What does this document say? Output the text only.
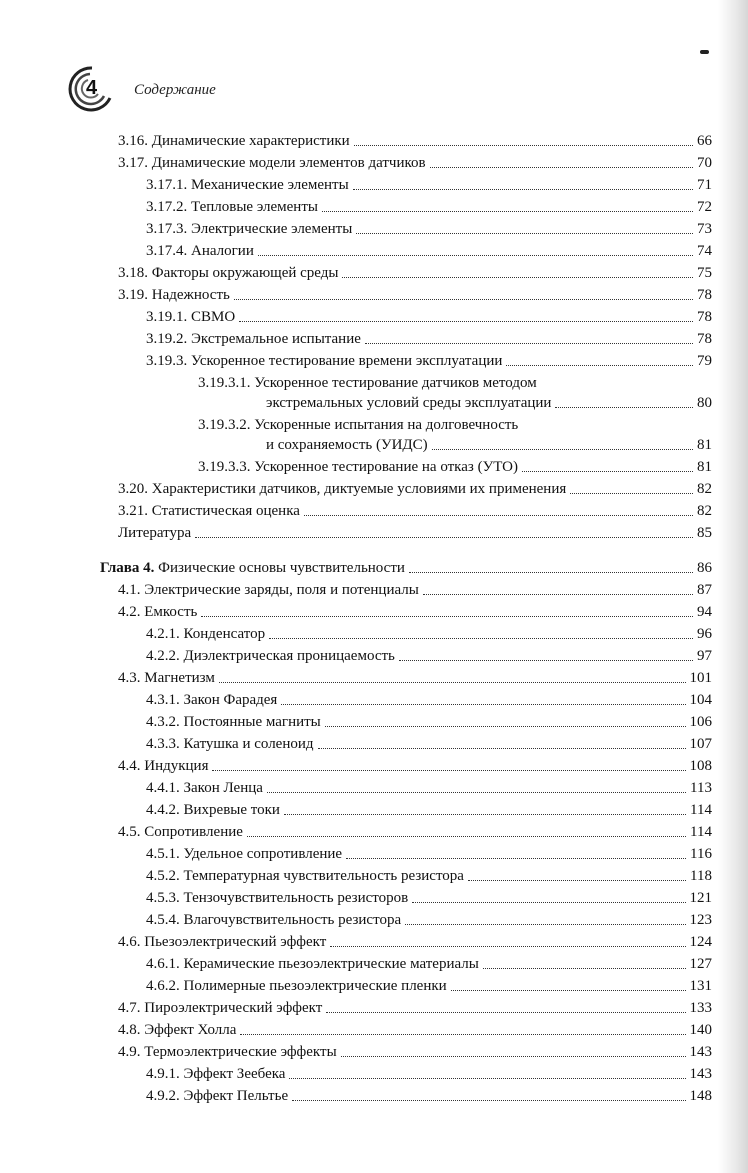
4 Содержание
3.16. Динамические характеристики	66
3.17. Динамические модели элементов датчиков	70
3.17.1. Механические элементы	71
3.17.2. Тепловые элементы	72
3.17.3. Электрические элементы	73
3.17.4. Аналогии	74
3.18. Факторы окружающей среды	75
3.19. Надежность	78
3.19.1. СВМО	78
3.19.2. Экстремальное испытание	78
3.19.3. Ускоренное тестирование времени эксплуатации	79
3.19.3.1. Ускоренное тестирование датчиков методом
экстремальных условий среды эксплуатации	80
3.19.3.2. Ускоренные испытания на долговечность
и сохраняемость (УИДС)	81
3.19.3.3. Ускоренное тестирование на отказ (УТО)	81
3.20. Характеристики датчиков, диктуемые условиями их применения	82
3.21. Статистическая оценка	82
Литература	85
Глава 4. Физические основы чувствительности	86
4.1. Электрические заряды, поля и потенциалы	87
4.2. Емкость	94
4.2.1. Конденсатор	96
4.2.2. Диэлектрическая проницаемость	97
4.3. Магнетизм	101
4.3.1. Закон Фарадея	104
4.3.2. Постоянные магниты	106
4.3.3. Катушка и соленоид	107
4.4. Индукция	108
4.4.1. Закон Ленца	113
4.4.2. Вихревые токи	114
4.5. Сопротивление	114
4.5.1. Удельное сопротивление	116
4.5.2. Температурная чувствительность резистора	118
4.5.3. Тензочувствительность резисторов	121
4.5.4. Влагочувствительность резистора	123
4.6. Пьезоэлектрический эффект	124
4.6.1. Керамические пьезоэлектрические материалы	127
4.6.2. Полимерные пьезоэлектрические пленки	131
4.7. Пироэлектрический эффект	133
4.8. Эффект Холла	140
4.9. Термоэлектрические эффекты	143
4.9.1. Эффект Зеебека	143
4.9.2. Эффект Пельтье	148
